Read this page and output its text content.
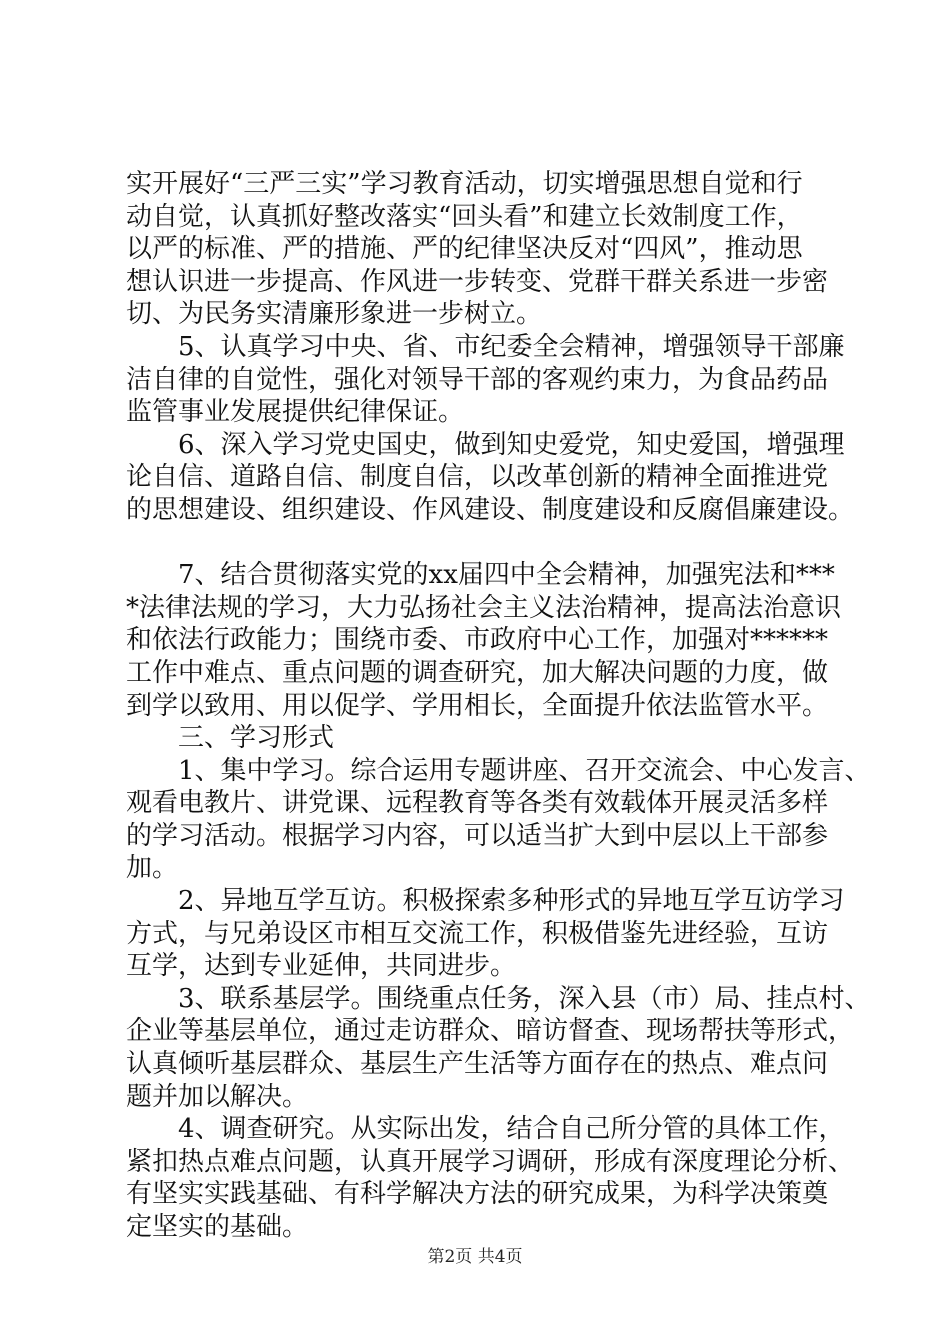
实开展好“三严三实”学习教育活动，切实增强思想自觉和行
动自觉，认真抓好整改落实“回头看”和建立长效制度工作，
以严的标准、严的措施、严的纪律坚决反对“四风”，推动思
想认识进一步提高、作风进一步转变、党群干群关系进一步密
切、为民务实清廉形象进一步树立。
　　5、认真学习中央、省、市纪委全会精神，增强领导干部廉
洁自律的自觉性，强化对领导干部的客观约束力，为食品药品
监管事业发展提供纪律保证。
　　6、深入学习党史国史，做到知史爱党，知史爱国，增强理
论自信、道路自信、制度自信，以改革创新的精神全面推进党
的思想建设、组织建设、作风建设、制度建设和反腐倡廉建设。
　　7、结合贯彻落实党的xx届四中全会精神，加强宪法和***
*法律法规的学习，大力弘扬社会主义法治精神，提高法治意识
和依法行政能力；围绕市委、市政府中心工作，加强对******
工作中难点、重点问题的调查研究，加大解决问题的力度，做
到学以致用、用以促学、学用相长，全面提升依法监管水平。
　　三、学习形式
　　1、集中学习。综合运用专题讲座、召开交流会、中心发言、
观看电教片、讲党课、远程教育等各类有效载体开展灵活多样
的学习活动。根据学习内容，可以适当扩大到中层以上干部参
加。
　　2、异地互学互访。积极探索多种形式的异地互学互访学习
方式，与兄弟设区市相互交流工作，积极借鉴先进经验，互访
互学，达到专业延伸，共同进步。
　　3、联系基层学。围绕重点任务，深入县（市）局、挂点村、
企业等基层单位，通过走访群众、暗访督查、现场帮扶等形式，
认真倾听基层群众、基层生产生活等方面存在的热点、难点问
题并加以解决。
　　4、调查研究。从实际出发，结合自己所分管的具体工作，
紧扣热点难点问题，认真开展学习调研，形成有深度理论分析、
有坚实实践基础、有科学解决方法的研究成果，为科学决策奠
定坚实的基础。
第2页 共4页
